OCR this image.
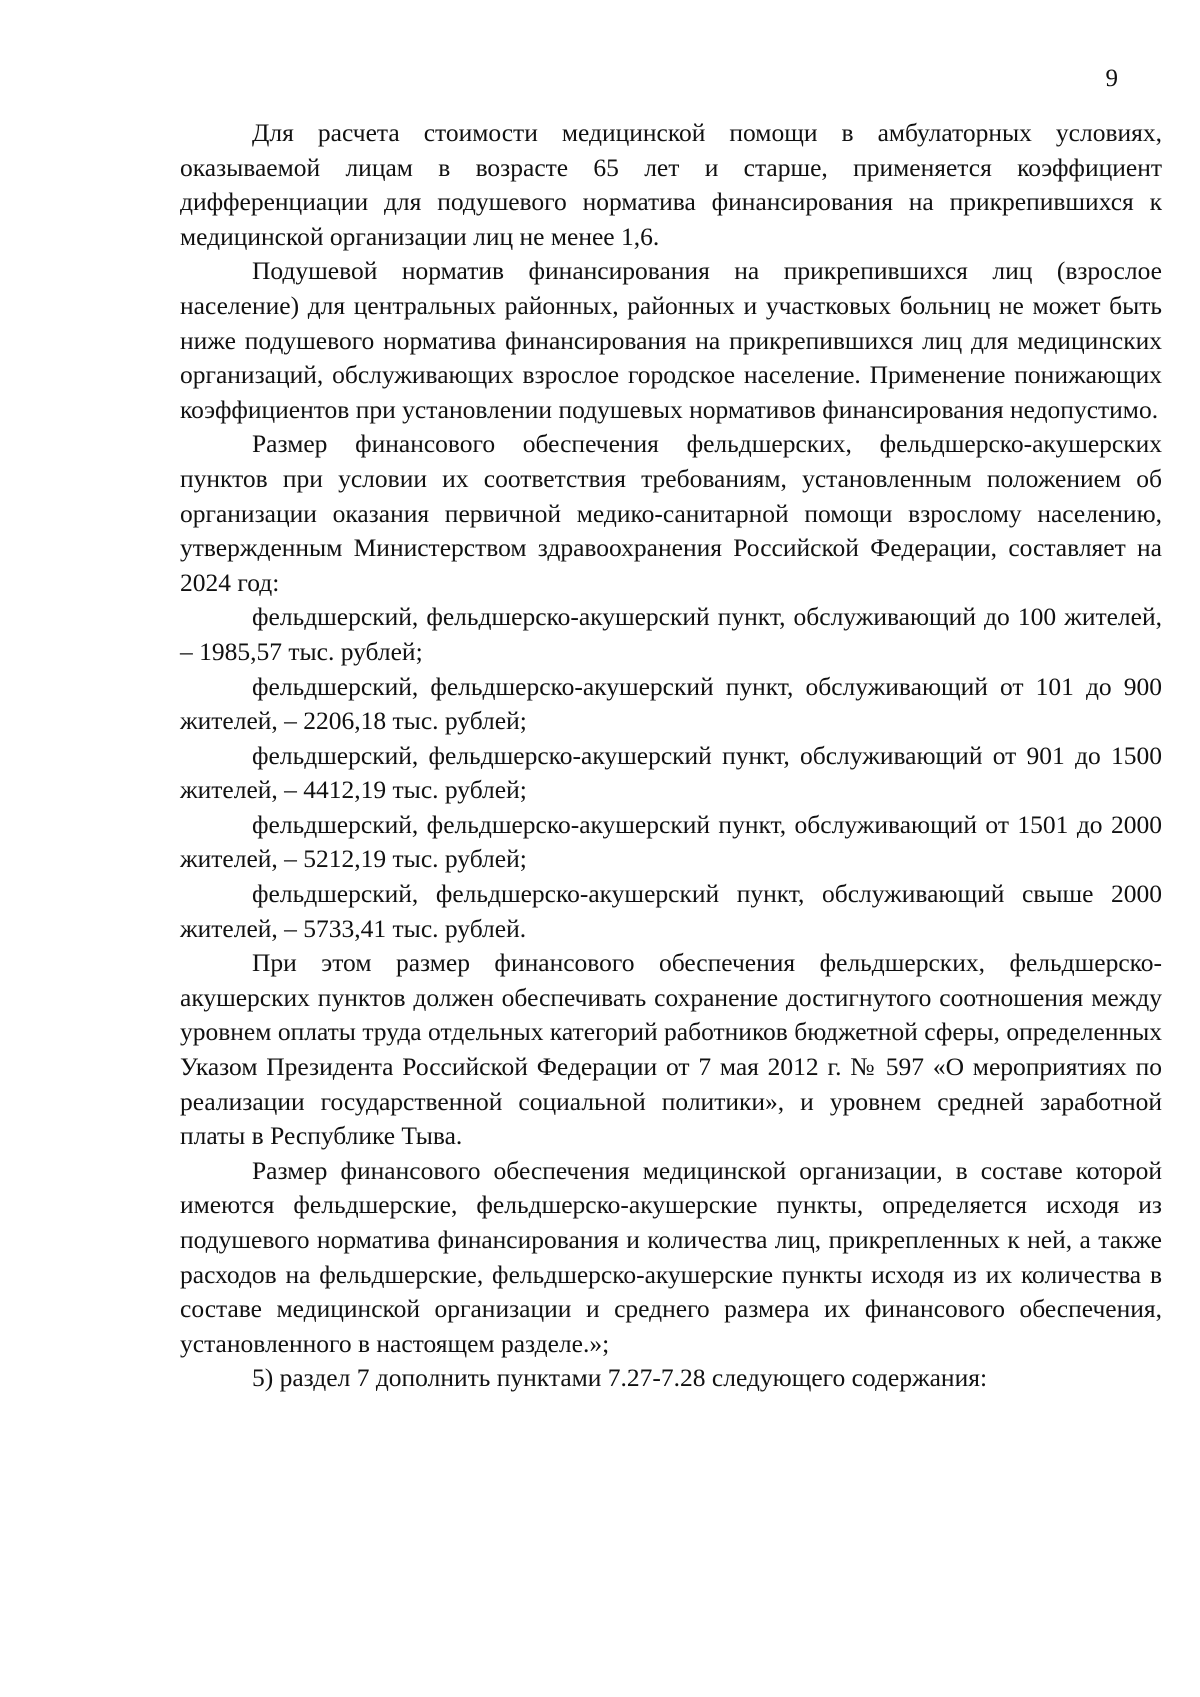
9

Для расчета стоимости медицинской помощи в амбулаторных условиях, оказываемой лицам в возрасте 65 лет и старше, применяется коэффициент дифференциации для подушевого норматива финансирования на прикрепившихся к медицинской организации лиц не менее 1,6.

Подушевой норматив финансирования на прикрепившихся лиц (взрослое население) для центральных районных, районных и участковых больниц не может быть ниже подушевого норматива финансирования на прикрепившихся лиц для медицинских организаций, обслуживающих взрослое городское население. Применение понижающих коэффициентов при установлении подушевых нормативов финансирования недопустимо.

Размер финансового обеспечения фельдшерских, фельдшерско-акушерских пунктов при условии их соответствия требованиям, установленным положением об организации оказания первичной медико-санитарной помощи взрослому населению, утвержденным Министерством здравоохранения Российской Федерации, составляет на 2024 год:

фельдшерский, фельдшерско-акушерский пункт, обслуживающий до 100 жителей, – 1985,57 тыс. рублей;

фельдшерский, фельдшерско-акушерский пункт, обслуживающий от 101 до 900 жителей, – 2206,18 тыс. рублей;

фельдшерский, фельдшерско-акушерский пункт, обслуживающий от 901 до 1500 жителей, – 4412,19 тыс. рублей;

фельдшерский, фельдшерско-акушерский пункт, обслуживающий от 1501 до 2000 жителей, – 5212,19 тыс. рублей;

фельдшерский, фельдшерско-акушерский пункт, обслуживающий свыше 2000 жителей, – 5733,41 тыс. рублей.

При этом размер финансового обеспечения фельдшерских, фельдшерско-акушерских пунктов должен обеспечивать сохранение достигнутого соотношения между уровнем оплаты труда отдельных категорий работников бюджетной сферы, определенных Указом Президента Российской Федерации от 7 мая 2012 г. № 597 «О мероприятиях по реализации государственной социальной политики», и уровнем средней заработной платы в Республике Тыва.

Размер финансового обеспечения медицинской организации, в составе которой имеются фельдшерские, фельдшерско-акушерские пункты, определяется исходя из подушевого норматива финансирования и количества лиц, прикрепленных к ней, а также расходов на фельдшерские, фельдшерско-акушерские пункты исходя из их количества в составе медицинской организации и среднего размера их финансового обеспечения, установленного в настоящем разделе.»;

5) раздел 7 дополнить пунктами 7.27-7.28 следующего содержания:
